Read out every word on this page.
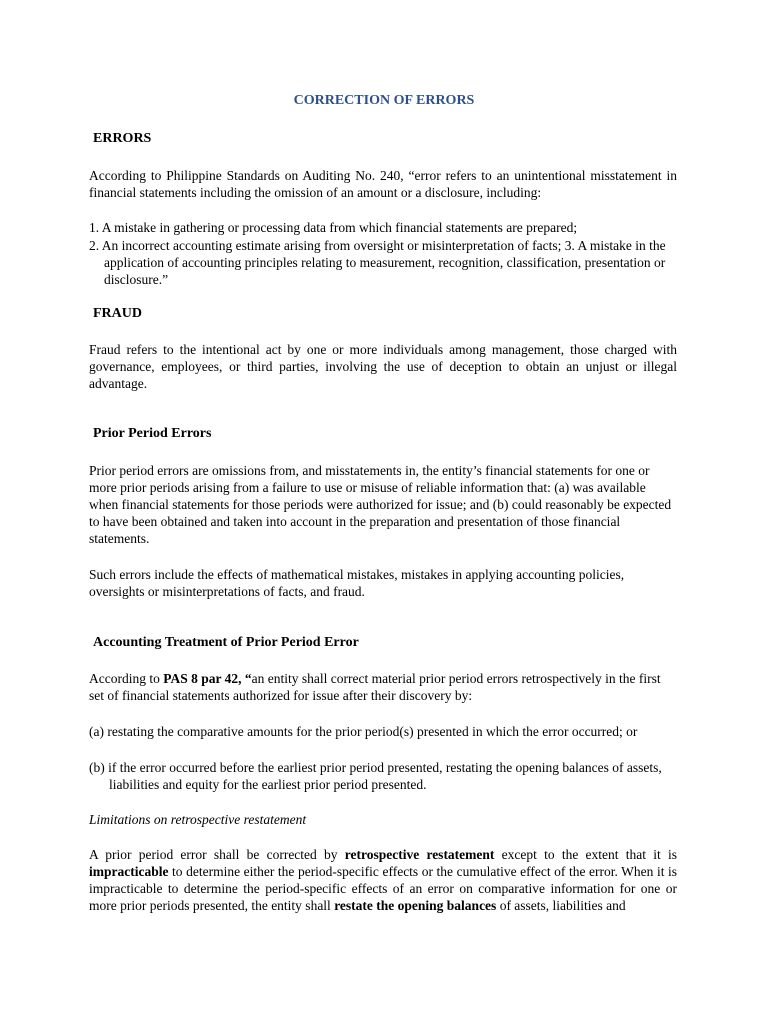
CORRECTION OF ERRORS
ERRORS

According to Philippine Standards on Auditing No. 240, “error refers to an unintentional misstatement in financial statements including the omission of an amount or a disclosure, including:

1. A mistake in gathering or processing data from which financial statements are prepared;

2. An incorrect accounting estimate arising from oversight or misinterpretation of facts; 3. A mistake in the application of accounting principles relating to measurement, recognition, classification, presentation or disclosure.”

FRAUD

Fraud refers to the intentional act by one or more individuals among management, those charged with governance, employees, or third parties, involving the use of deception to obtain an unjust or illegal advantage.

Prior Period Errors

Prior period errors are omissions from, and misstatements in, the entity’s financial statements for one or more prior periods arising from a failure to use or misuse of reliable information that: (a) was available when financial statements for those periods were authorized for issue; and (b) could reasonably be expected to have been obtained and taken into account in the preparation and presentation of those financial statements.

Such errors include the effects of mathematical mistakes, mistakes in applying accounting policies, oversights or misinterpretations of facts, and fraud.

Accounting Treatment of Prior Period Error

According to PAS 8 par 42, “an entity shall correct material prior period errors retrospectively in the first set of financial statements authorized for issue after their discovery by:

(a) restating the comparative amounts for the prior period(s) presented in which the error occurred; or

(b) if the error occurred before the earliest prior period presented, restating the opening balances of assets, liabilities and equity for the earliest prior period presented.

Limitations on retrospective restatement

A prior period error shall be corrected by retrospective restatement except to the extent that it is impracticable to determine either the period-specific effects or the cumulative effect of the error. When it is impracticable to determine the period-specific effects of an error on comparative information for one or more prior periods presented, the entity shall restate the opening balances of assets, liabilities and
